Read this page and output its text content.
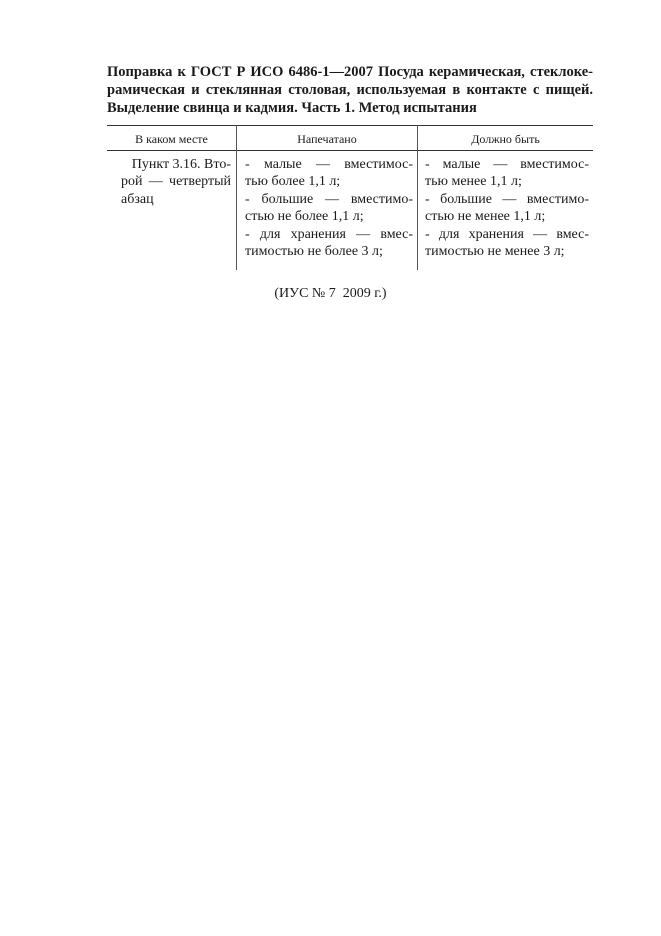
Поправка к ГОСТ Р ИСО 6486-1—2007 Посуда керамическая, стеклоке-
рамическая и стеклянная столовая, используемая в контакте с пищей.
Выделение свинца и кадмия. Часть 1. Метод испытания
В каком месте	Напечатано	Должно быть
Пункт 3.16. Вто-
рой — четвертый
абзац
- малые — вместимос-
тью более 1,1 л;
- большие — вместимо-
стью не более 1,1 л;
- для хранения — вмес-
тимостью не более 3 л;
- малые — вместимос-
тью менее 1,1 л;
- большие — вместимо-
стью не менее 1,1 л;
- для хранения — вмес-
тимостью не менее 3 л;
(ИУС № 7  2009 г.)
